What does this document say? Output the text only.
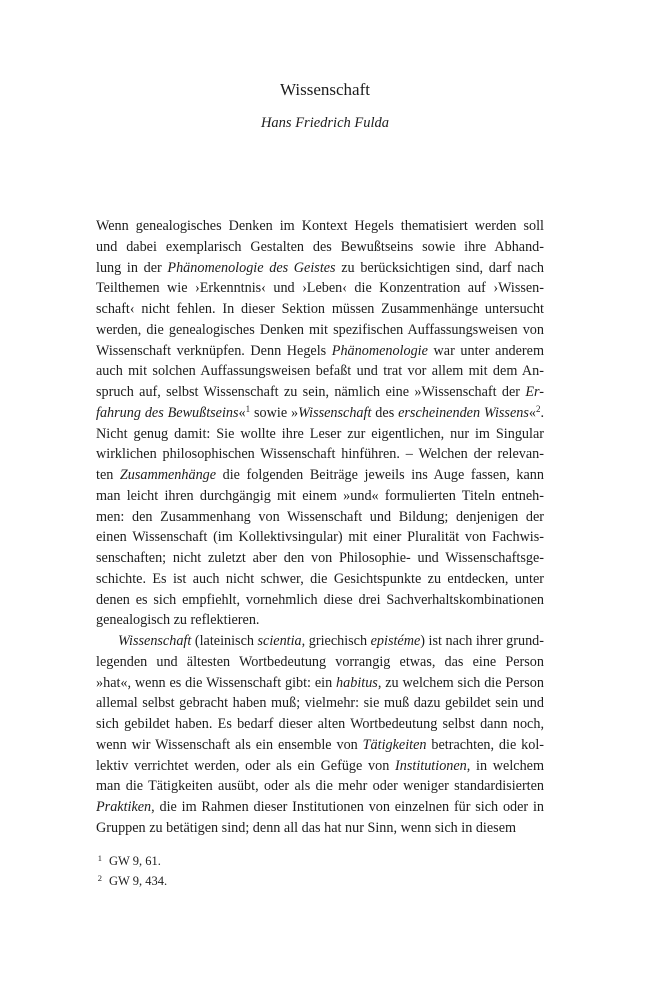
Wissenschaft
Hans Friedrich Fulda
Wenn genealogisches Denken im Kontext Hegels thematisiert werden soll
und dabei exemplarisch Gestalten des Bewußtseins sowie ihre Abhand-
lung in der Phänomenologie des Geistes zu berücksichtigen sind, darf nach
Teilthemen wie ›Erkenntnis‹ und ›Leben‹ die Konzentration auf ›Wissen-
schaft‹ nicht fehlen. In dieser Sektion müssen Zusammenhänge untersucht
werden, die genealogisches Denken mit spezifischen Auffassungsweisen von
Wissenschaft verknüpfen. Denn Hegels Phänomenologie war unter anderem
auch mit solchen Auffassungsweisen befaßt und trat vor allem mit dem An-
spruch auf, selbst Wissenschaft zu sein, nämlich eine »Wissenschaft der Er-
fahrung des Bewußtseins«$^1$ sowie »Wissenschaft des erscheinenden Wissens«$^2$.
Nicht genug damit: Sie wollte ihre Leser zur eigentlichen, nur im Singular
wirklichen philosophischen Wissenschaft hinführen. – Welchen der relevan-
ten Zusammenhänge die folgenden Beiträge jeweils ins Auge fassen, kann
man leicht ihren durchgängig mit einem »und« formulierten Titeln entneh-
men: den Zusammenhang von Wissenschaft und Bildung; denjenigen der
einen Wissenschaft (im Kollektivsingular) mit einer Pluralität von Fachwis-
senschaften; nicht zuletzt aber den von Philosophie- und Wissenschaftsge-
schichte. Es ist auch nicht schwer, die Gesichtspunkte zu entdecken, unter
denen es sich empfiehlt, vornehmlich diese drei Sachverhaltskombinationen
genealogisch zu reflektieren.
Wissenschaft (lateinisch scientia, griechisch epistéme) ist nach ihrer grund-
legenden und ältesten Wortbedeutung vorrangig etwas, das eine Person
»hat«, wenn es die Wissenschaft gibt: ein habitus, zu welchem sich die Person
allemal selbst gebracht haben muß; vielmehr: sie muß dazu gebildet sein und
sich gebildet haben. Es bedarf dieser alten Wortbedeutung selbst dann noch,
wenn wir Wissenschaft als ein ensemble von Tätigkeiten betrachten, die kol-
lektiv verrichtet werden, oder als ein Gefüge von Institutionen, in welchem
man die Tätigkeiten ausübt, oder als die mehr oder weniger standardisierten
Praktiken, die im Rahmen dieser Institutionen von einzelnen für sich oder in
Gruppen zu betätigen sind; denn all das hat nur Sinn, wenn sich in diesem
1 GW 9, 61.
2 GW 9, 434.
